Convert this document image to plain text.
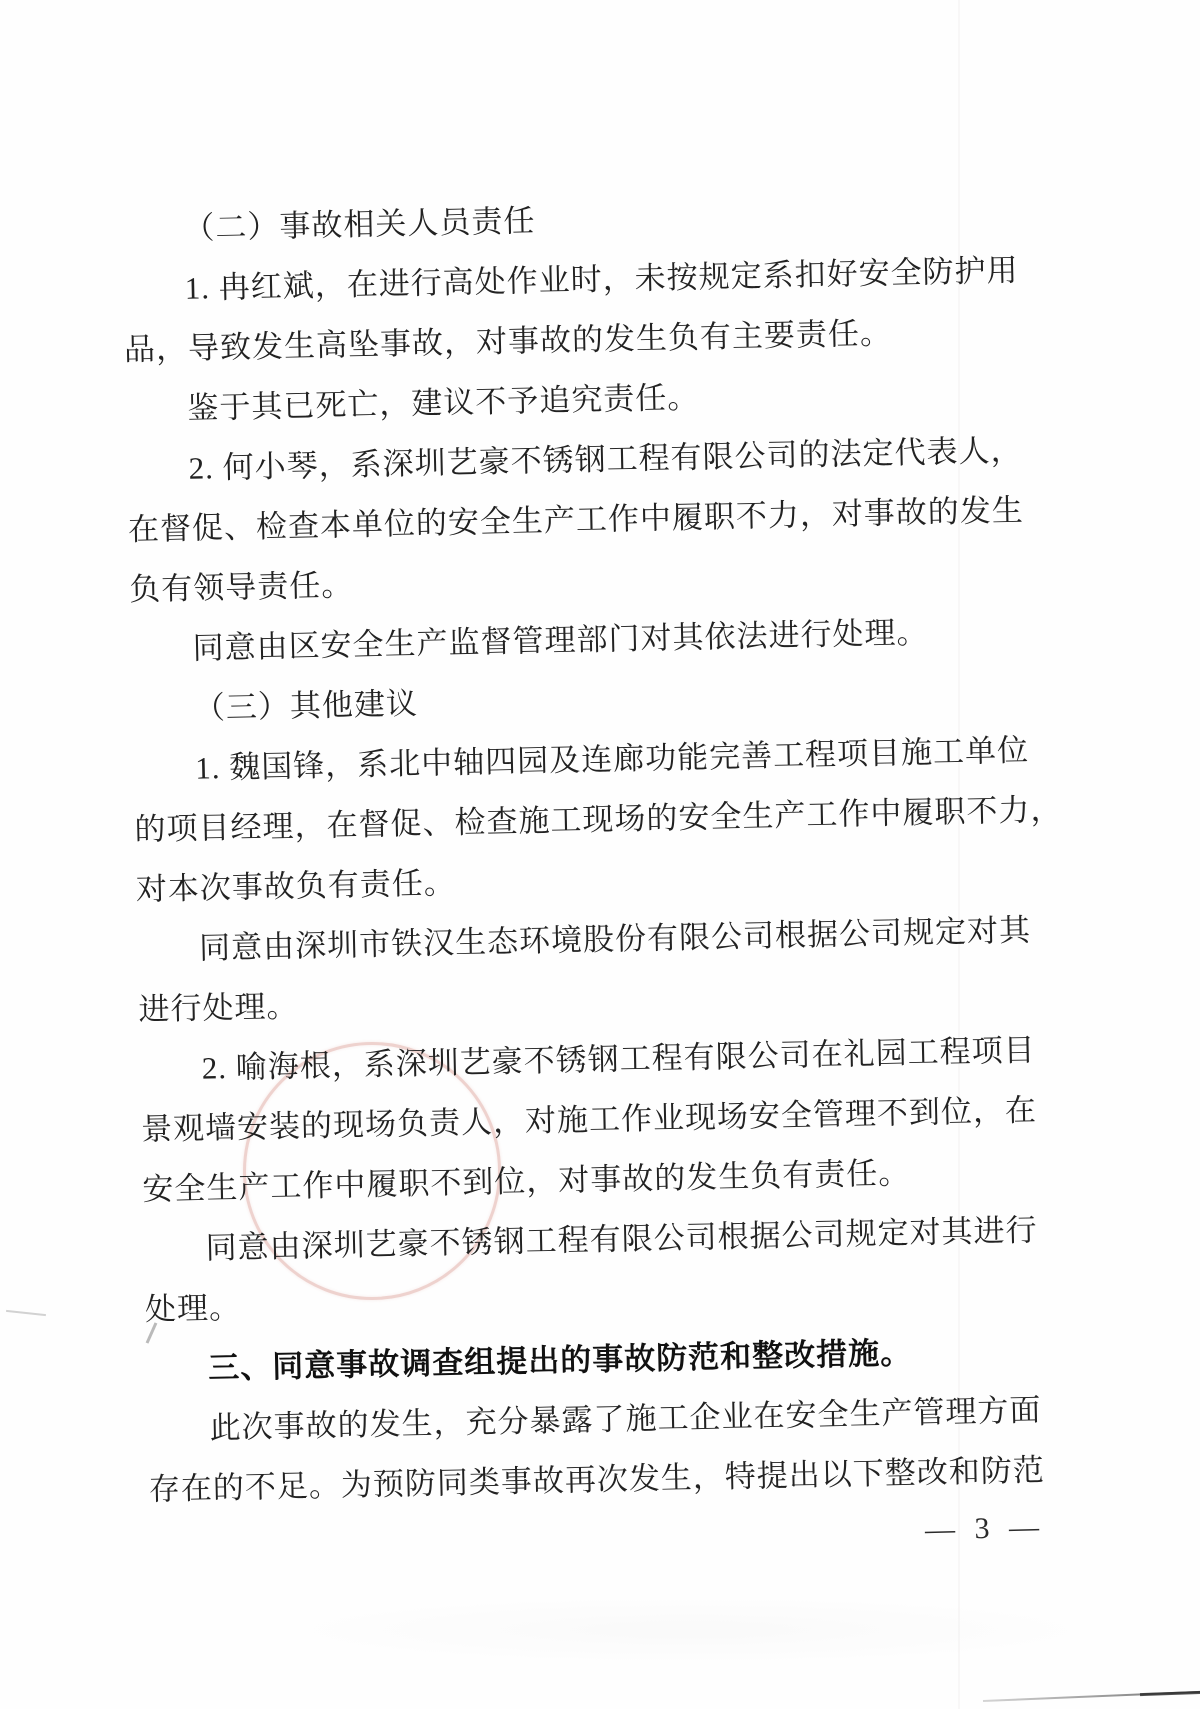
（二）事故相关人员责任
1. 冉红斌，在进行高处作业时，未按规定系扣好安全防护用
品，导致发生高坠事故，对事故的发生负有主要责任。
鉴于其已死亡，建议不予追究责任。
2. 何小琴，系深圳艺豪不锈钢工程有限公司的法定代表人，
在督促、检查本单位的安全生产工作中履职不力，对事故的发生
负有领导责任。
同意由区安全生产监督管理部门对其依法进行处理。
（三）其他建议
1. 魏国锋，系北中轴四园及连廊功能完善工程项目施工单位
的项目经理，在督促、检查施工现场的安全生产工作中履职不力，
对本次事故负有责任。
同意由深圳市铁汉生态环境股份有限公司根据公司规定对其
进行处理。
2. 喻海根，系深圳艺豪不锈钢工程有限公司在礼园工程项目
景观墙安装的现场负责人，对施工作业现场安全管理不到位，在
安全生产工作中履职不到位，对事故的发生负有责任。
同意由深圳艺豪不锈钢工程有限公司根据公司规定对其进行
处理。
三、同意事故调查组提出的事故防范和整改措施。
此次事故的发生，充分暴露了施工企业在安全生产管理方面
存在的不足。为预防同类事故再次发生，特提出以下整改和防范
— 3 —
